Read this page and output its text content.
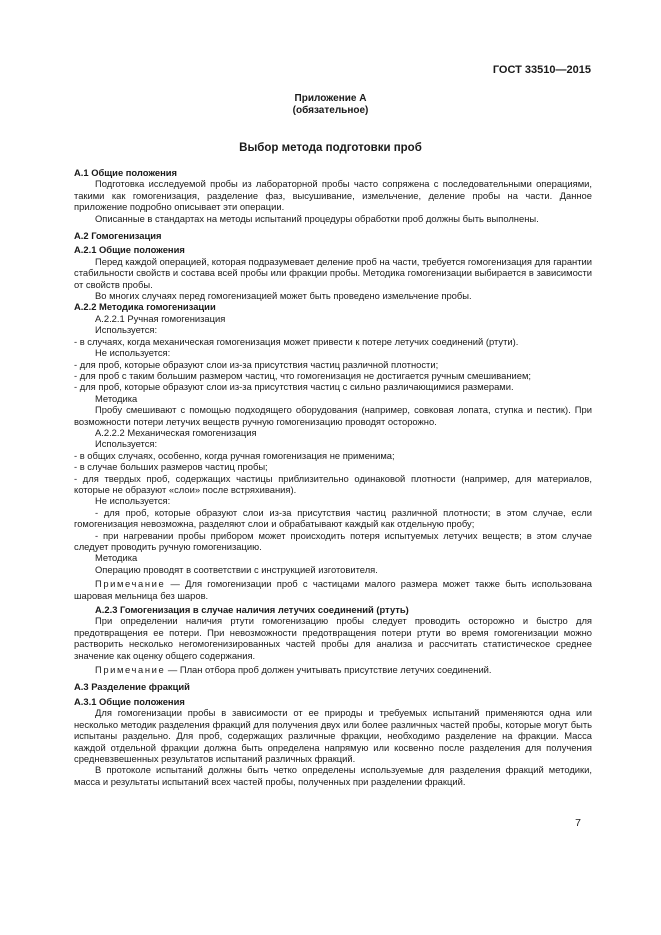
ГОСТ 33510—2015
Приложение А
(обязательное)
Выбор метода подготовки проб

А.1 Общие положения

Подготовка исследуемой пробы из лабораторной пробы часто сопряжена с последовательными операциями, такими как гомогенизация, разделение фаз, высушивание, измельчение, деление пробы на части. Данное приложение подробно описывает эти операции.

Описанные в стандартах на методы испытаний процедуры обработки проб должны быть выполнены.

А.2 Гомогенизация

А.2.1 Общие положения

Перед каждой операцией, которая подразумевает деление проб на части, требуется гомогенизация для гарантии стабильности свойств и состава всей пробы или фракции пробы. Методика гомогенизации выбирается в зависимости от свойств пробы.

Во многих случаях перед гомогенизацией может быть проведено измельчение пробы.

А.2.2 Методика гомогенизации

А.2.2.1 Ручная гомогенизация

Используется:

- в случаях, когда механическая гомогенизация может привести к потере летучих соединений (ртути).

Не используется:

- для проб, которые образуют слои из-за присутствия частиц различной плотности;

- для проб с таким большим размером частиц, что гомогенизация не достигается ручным смешиванием;

- для проб, которые образуют слои из-за присутствия частиц с сильно различающимися размерами.

Методика

Пробу смешивают с помощью подходящего оборудования (например, совковая лопата, ступка и пестик). При возможности потери летучих веществ ручную гомогенизацию проводят осторожно.

А.2.2.2 Механическая гомогенизация

Используется:

- в общих случаях, особенно, когда ручная гомогенизация не применима;

- в случае больших размеров частиц пробы;

- для твердых проб, содержащих частицы приблизительно одинаковой плотности (например, для материалов, которые не образуют «слои» после встряхивания).

Не используется:

- для проб, которые образуют слои из-за присутствия частиц различной плотности; в этом случае, если гомогенизация невозможна, разделяют слои и обрабатывают каждый как отдельную пробу;

- при нагревании пробы прибором может происходить потеря испытуемых летучих веществ; в этом случае следует проводить ручную гомогенизацию.

Методика

Операцию проводят в соответствии с инструкцией изготовителя.

Примечание — Для гомогенизации проб с частицами малого размера может также быть использована шаровая мельница без шаров.

А.2.3 Гомогенизация в случае наличия летучих соединений (ртуть)

При определении наличия ртути гомогенизацию пробы следует проводить осторожно и быстро для предотвращения ее потери. При невозможности предотвращения потери ртути во время гомогенизации можно растворить несколько негомогенизированных частей пробы для анализа и рассчитать статистическое среднее значение как оценку общего содержания.

Примечание — План отбора проб должен учитывать присутствие летучих соединений.

А.3 Разделение фракций

А.3.1 Общие положения

Для гомогенизации пробы в зависимости от ее природы и требуемых испытаний применяются одна или несколько методик разделения фракций для получения двух или более различных частей пробы, которые могут быть испытаны раздельно. Для проб, содержащих различные фракции, необходимо разделение на фракции. Масса каждой отдельной фракции должна быть определена напрямую или косвенно после разделения для получения средневзвешенных результатов испытаний различных фракций.

В протоколе испытаний должны быть четко определены используемые для разделения фракций методики, масса и результаты испытаний всех частей пробы, полученных при разделении фракций.

7
